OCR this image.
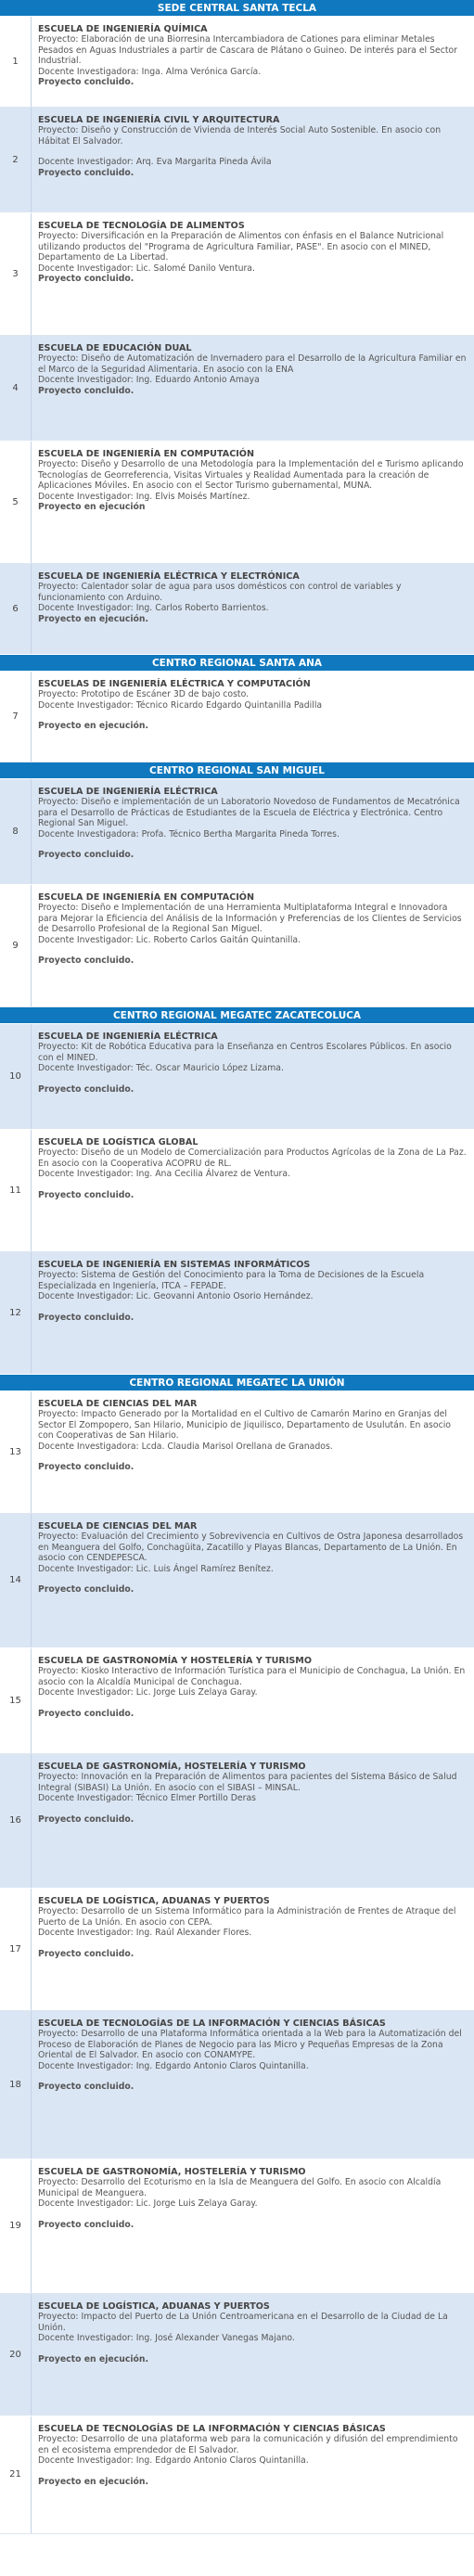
SEDE CENTRAL SANTA TECLA
1
ESCUELA DE INGENIERÍA QUÍMICA
Proyecto: Elaboración de una Biorresina Intercambiadora de Cationes para eliminar Metales Pesados en Aguas Industriales a partir de Cascara de Plátano o Guineo. De interés para el Sector Industrial.
Docente Investigadora: Inga. Alma Verónica García.
Proyecto concluido.
2
ESCUELA DE INGENIERÍA CIVIL Y ARQUITECTURA
Proyecto: Diseño y Construcción de Vivienda de Interés Social Auto Sostenible. En asocio con Hábitat El Salvador.
Docente Investigador: Arq. Eva Margarita Pineda Ávila
Proyecto concluido.
3
ESCUELA DE TECNOLOGÍA DE ALIMENTOS
Proyecto: Diversificación en la Preparación de Alimentos con énfasis en el Balance Nutricional utilizando productos del "Programa de Agricultura Familiar, PASE". En asocio con el MINED, Departamento de La Libertad.
Docente Investigador: Lic. Salomé Danilo Ventura.
Proyecto concluido.
4
ESCUELA DE EDUCACIÓN DUAL
Proyecto: Diseño de Automatización de Invernadero para el Desarrollo de la Agricultura Familiar en el Marco de la Seguridad Alimentaria. En asocio con la ENA
Docente Investigador: Ing. Eduardo Antonio Amaya
Proyecto concluido.
5
ESCUELA DE INGENIERÍA EN COMPUTACIÓN
Proyecto: Diseño y Desarrollo de una Metodología para la Implementación del e Turismo aplicando Tecnologías de Georreferencia, Visitas Virtuales y Realidad Aumentada para la creación de Aplicaciones Móviles. En asocio con el Sector Turismo gubernamental, MUNA.
Docente Investigador: Ing. Elvis Moisés Martínez.
Proyecto en ejecución
6
ESCUELA DE INGENIERÍA ELÉCTRICA Y ELECTRÓNICA
Proyecto: Calentador solar de agua para usos domésticos con control de variables y funcionamiento con Arduino.
Docente Investigador: Ing. Carlos Roberto Barrientos.
Proyecto en ejecución.
CENTRO REGIONAL SANTA ANA
7
ESCUELAS DE INGENIERÍA ELÉCTRICA Y COMPUTACIÓN
Proyecto: Prototipo de Escáner 3D de bajo costo.
Docente Investigador: Técnico Ricardo Edgardo Quintanilla Padilla
Proyecto en ejecución.
CENTRO REGIONAL SAN MIGUEL
8
ESCUELA DE INGENIERÍA ELÉCTRICA
Proyecto: Diseño e implementación de un Laboratorio Novedoso de Fundamentos de Mecatrónica para el Desarrollo de Prácticas de Estudiantes de la Escuela de Eléctrica y Electrónica. Centro Regional San Miguel.
Docente Investigadora: Profa. Técnico Bertha Margarita Pineda Torres.
Proyecto concluido.
9
ESCUELA DE INGENIERÍA EN COMPUTACIÓN
Proyecto: Diseño e Implementación de una Herramienta Multiplataforma Integral e Innovadora para Mejorar la Eficiencia del Análisis de la Información y Preferencias de los Clientes de Servicios de Desarrollo Profesional de la Regional San Miguel.
Docente Investigador: Lic. Roberto Carlos Gaitán Quintanilla.
Proyecto concluido.
CENTRO REGIONAL MEGATEC ZACATECOLUCA
10
ESCUELA DE INGENIERÍA ELÉCTRICA
Proyecto: Kit de Robótica Educativa para la Enseñanza en Centros Escolares Públicos. En asocio con el MINED.
Docente Investigador: Téc. Oscar Mauricio López Lizama.
Proyecto concluido.
11
ESCUELA DE LOGÍSTICA GLOBAL
Proyecto: Diseño de un Modelo de Comercialización para Productos Agrícolas de la Zona de La Paz. En asocio con la Cooperativa ACOPRU de RL.
Docente Investigador: Ing. Ana Cecilia Álvarez de Ventura.
Proyecto concluido.
12
ESCUELA DE INGENIERÍA EN SISTEMAS INFORMÁTICOS
Proyecto: Sistema de Gestión del Conocimiento para la Toma de Decisiones de la Escuela Especializada en Ingeniería, ITCA – FEPADE.
Docente Investigador: Lic. Geovanni Antonio Osorio Hernández.
Proyecto concluido.
CENTRO REGIONAL MEGATEC LA UNIÓN
13
ESCUELA DE CIENCIAS DEL MAR
Proyecto: Impacto Generado por la Mortalidad en el Cultivo de Camarón Marino en Granjas del Sector El Zompopero, San Hilario, Municipio de Jiquilisco, Departamento de Usulután. En asocio con Cooperativas de San Hilario.
Docente Investigadora: Lcda. Claudia Marisol Orellana de Granados.
Proyecto concluido.
14
ESCUELA DE CIENCIAS DEL MAR
Proyecto: Evaluación del Crecimiento y Sobrevivencia en Cultivos de Ostra Japonesa desarrollados en Meanguera del Golfo, Conchagüita, Zacatillo y Playas Blancas, Departamento de La Unión. En asocio con CENDEPESCA.
Docente Investigador: Lic. Luis Ángel Ramírez Benítez.
Proyecto concluido.
15
ESCUELA DE GASTRONOMÍA Y HOSTELERÍA Y TURISMO
Proyecto: Kiosko Interactivo de Información Turística para el Municipio de Conchagua, La Unión. En asocio con la Alcaldía Municipal de Conchagua.
Docente Investigador: Lic. Jorge Luis Zelaya Garay.
Proyecto concluido.
16
ESCUELA DE GASTRONOMÍA, HOSTELERÍA Y TURISMO
Proyecto: Innovación en la Preparación de Alimentos para pacientes del Sistema Básico de Salud Integral (SIBASI) La Unión. En asocio con el SIBASI – MINSAL.
Docente Investigador: Técnico Elmer Portillo Deras
Proyecto concluido.
17
ESCUELA DE LOGÍSTICA, ADUANAS Y PUERTOS
Proyecto: Desarrollo de un Sistema Informático para la Administración de Frentes de Atraque del Puerto de La Unión. En asocio con CEPA.
Docente Investigador: Ing. Raúl Alexander Flores.
Proyecto concluido.
18
ESCUELA DE TECNOLOGÍAS DE LA INFORMACIÓN Y CIENCIAS BÁSICAS
Proyecto: Desarrollo de una Plataforma Informática orientada a la Web para la Automatización del Proceso de Elaboración de Planes de Negocio para las Micro y Pequeñas Empresas de la Zona Oriental de El Salvador. En asocio con CONAMYPE.
Docente Investigador: Ing. Edgardo Antonio Claros Quintanilla.
Proyecto concluido.
19
ESCUELA DE GASTRONOMÍA, HOSTELERÍA Y TURISMO
Proyecto: Desarrollo del Ecoturismo en la Isla de Meanguera del Golfo. En asocio con Alcaldía Municipal de Meanguera.
Docente Investigador: Lic. Jorge Luis Zelaya Garay.
Proyecto concluido.
20
ESCUELA DE LOGÍSTICA, ADUANAS Y PUERTOS
Proyecto: Impacto del Puerto de La Unión Centroamericana en el Desarrollo de la Ciudad de La Unión.
Docente Investigador: Ing. José Alexander Vanegas Majano.
Proyecto en ejecución.
21
ESCUELA DE TECNOLOGÍAS DE LA INFORMACIÓN Y CIENCIAS BÁSICAS
Proyecto: Desarrollo de una plataforma web para la comunicación y difusión del emprendimiento en el ecosistema emprendedor de El Salvador.
Docente Investigador: Ing. Edgardo Antonio Claros Quintanilla.
Proyecto en ejecución.
